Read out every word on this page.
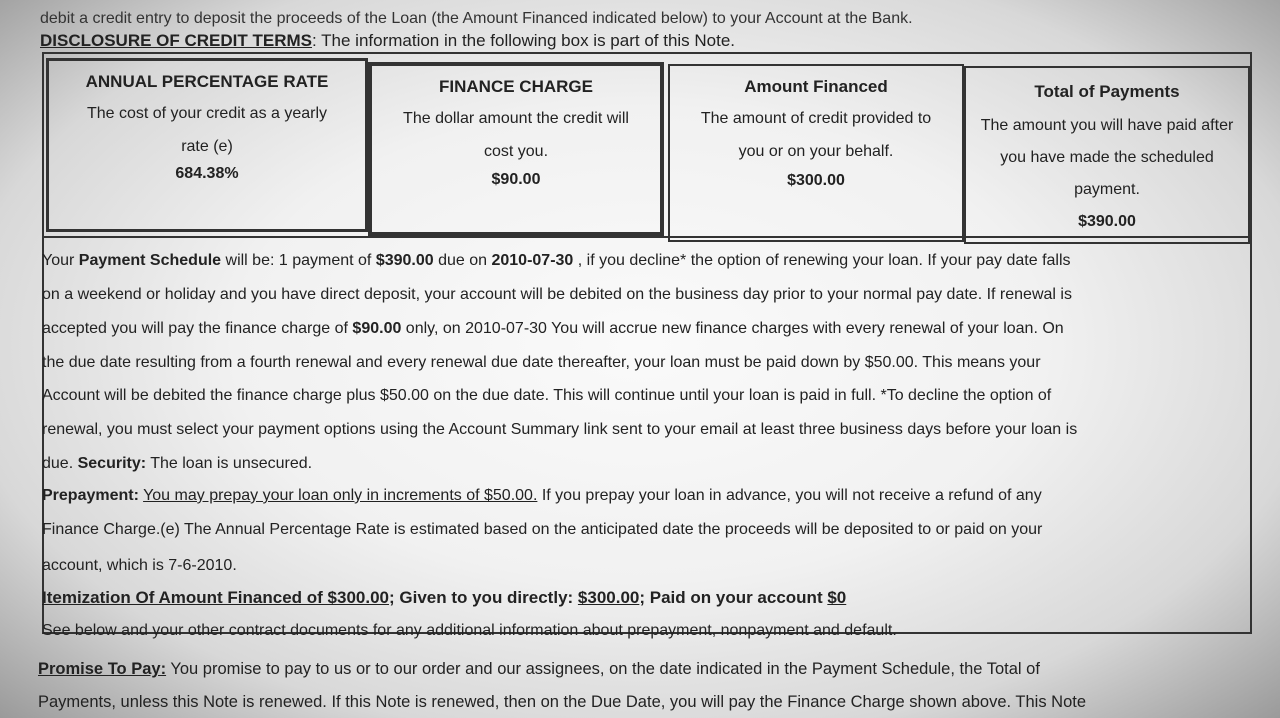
debit a credit entry to deposit the proceeds of the Loan (the Amount Financed indicated below) to your Account at the Bank.
DISCLOSURE OF CREDIT TERMS: The information in the following box is part of this Note.
ANNUAL PERCENTAGE RATE
The cost of your credit as a yearly
rate (e)
684.38%
FINANCE CHARGE
The dollar amount the credit will
cost you.
$90.00
Amount Financed
The amount of credit provided to
you or on your behalf.
$300.00
Total of Payments
The amount you will have paid after
you have made the scheduled
payment.
$390.00
Your Payment Schedule will be: 1 payment of $390.00 due on 2010-07-30 , if you decline* the option of renewing your loan. If your pay date falls
on a weekend or holiday and you have direct deposit, your account will be debited on the business day prior to your normal pay date. If renewal is
accepted you will pay the finance charge of $90.00 only, on 2010-07-30 You will accrue new finance charges with every renewal of your loan. On
the due date resulting from a fourth renewal and every renewal due date thereafter, your loan must be paid down by $50.00. This means your
Account will be debited the finance charge plus $50.00 on the due date. This will continue until your loan is paid in full. *To decline the option of
renewal, you must select your payment options using the Account Summary link sent to your email at least three business days before your loan is
due. Security: The loan is unsecured.
Prepayment: You may prepay your loan only in increments of $50.00. If you prepay your loan in advance, you will not receive a refund of any
Finance Charge.(e) The Annual Percentage Rate is estimated based on the anticipated date the proceeds will be deposited to or paid on your
account, which is 7-6-2010.
Itemization Of Amount Financed of $300.00; Given to you directly: $300.00; Paid on your account $0
See below and your other contract documents for any additional information about prepayment, nonpayment and default.
Promise To Pay: You promise to pay to us or to our order and our assignees, on the date indicated in the Payment Schedule, the Total of
Payments, unless this Note is renewed. If this Note is renewed, then on the Due Date, you will pay the Finance Charge shown above. This Note
